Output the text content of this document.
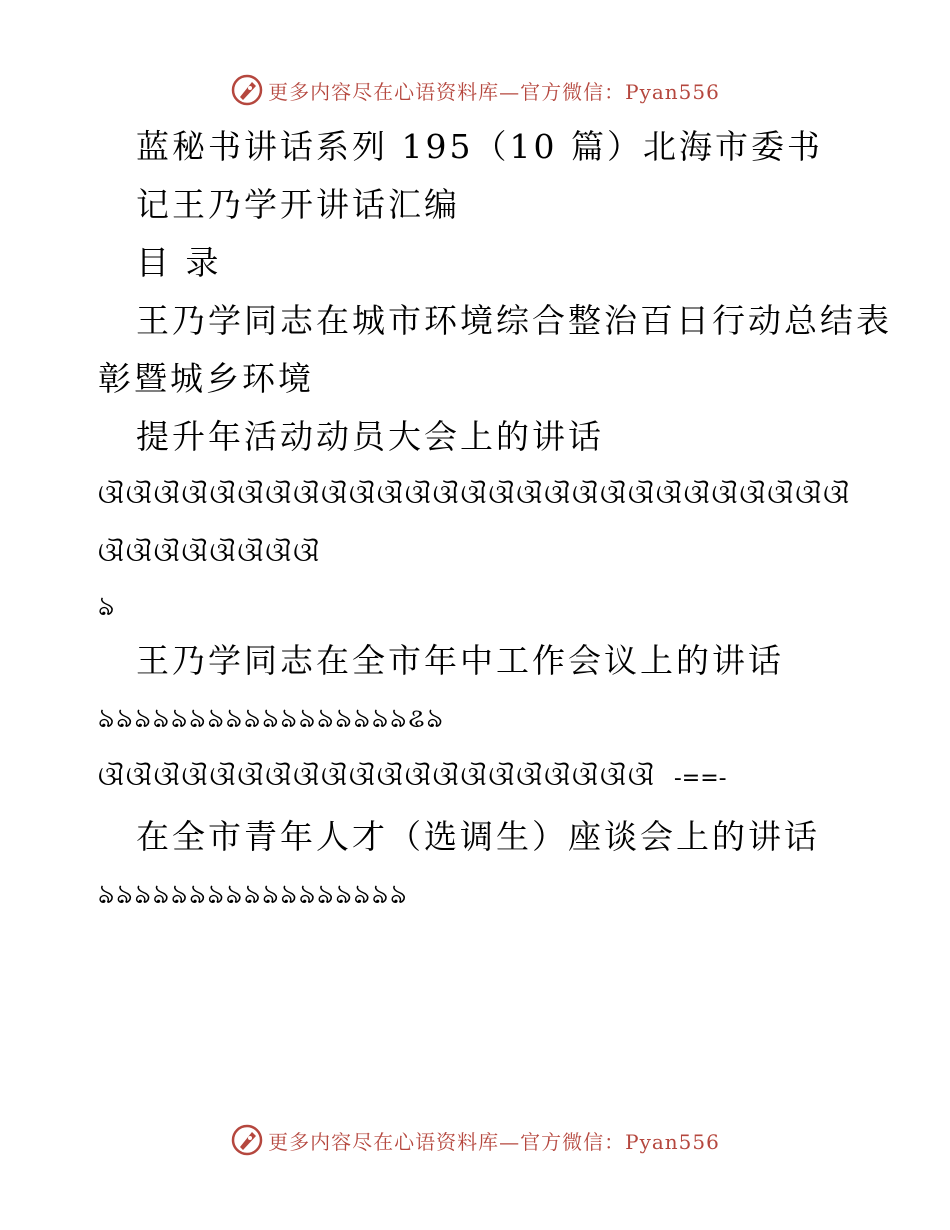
更多内容尽在心语资料库—官方微信：Pyan556

蓝秘书讲话系列 195（10 篇）北海市委书

记王乃学开讲话汇编

目 录

王乃学同志在城市环境综合整治百日行动总结表

彰暨城乡环境

提升年活动动员大会上的讲话

ଔଔଔଔଔଔଔଔଔଔଔଔଔଔଔଔଔଔଔଔଔଔଔଔଔଔଔଔଔଔଔଔଔଔଔ

ঌ

王乃学同志在全市年中工作会议上的讲话

ঌঌঌঌঌঌঌঌঌঌঌঌঌঌঌঌঌଌঌ

ଔଔଔଔଔଔଔଔଔଔଔଔଔଔଔଔଔଔଔଔ -==-

在全市青年人才（选调生）座谈会上的讲话

ঌঌঌঌঌঌঌঌঌঌঌঌঌঌঌঌঌ

更多内容尽在心语资料库—官方微信：Pyan556
